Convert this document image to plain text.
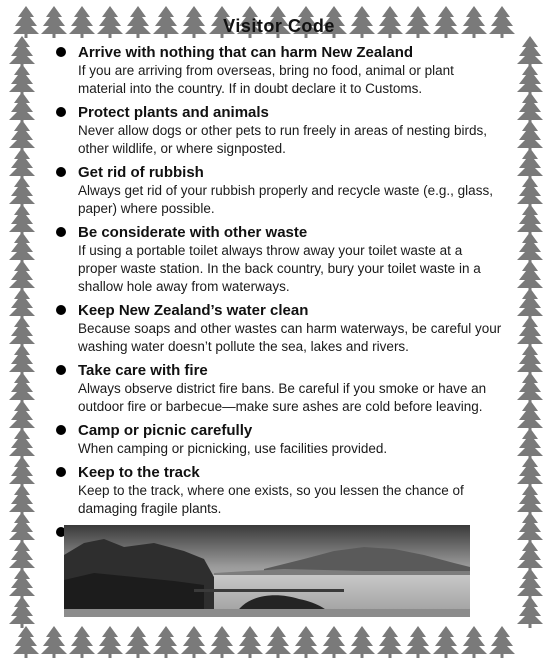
Visitor Code
Arrive with nothing that can harm New Zealand
If you are arriving from overseas, bring no food, animal or plant material into the country. If in doubt declare it to Customs.
Protect plants and animals
Never allow dogs or other pets to run freely in areas of nesting birds, other wildlife, or where signposted.
Get rid of rubbish
Always get rid of your rubbish properly and recycle waste (e.g., glass, paper) where possible.
Be considerate with other waste
If using a portable toilet always throw away your toilet waste at a proper waste station. In the back country, bury your toilet waste in a shallow hole away from waterways.
Keep New Zealand’s water clean
Because soaps and other wastes can harm waterways, be careful your washing water doesn’t pollute the sea, lakes and rivers.
Take care with fire
Always observe district fire bans. Be careful if you smoke or have an outdoor fire or barbecue—make sure ashes are cold before leaving.
Camp or picnic carefully
When camping or picnicking, use facilities provided.
Keep to the track
Keep to the track, where one exists, so you lessen the chance of damaging fragile plants.
